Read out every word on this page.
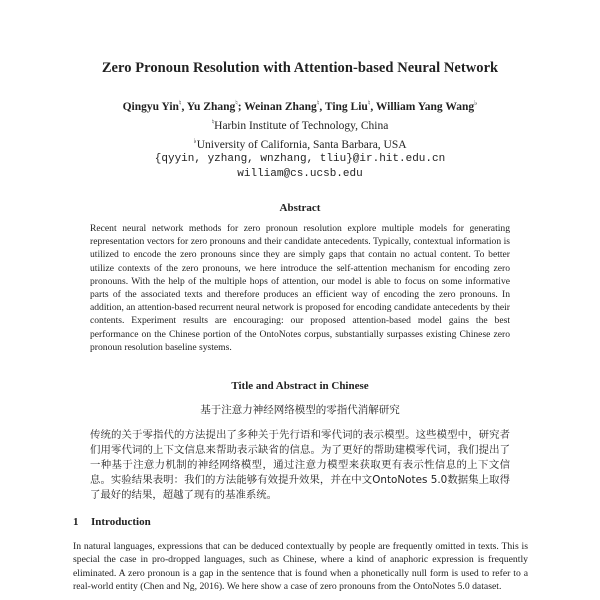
Zero Pronoun Resolution with Attention-based Neural Network
Qingyu Yin♮, Yu Zhang♮; Weinan Zhang♮, Ting Liu♮, William Yang Wang♭
♮Harbin Institute of Technology, China
♭University of California, Santa Barbara, USA
{qyyin, yzhang, wnzhang, tliu}@ir.hit.edu.cn
william@cs.ucsb.edu
Abstract
Recent neural network methods for zero pronoun resolution explore multiple models for generating representation vectors for zero pronouns and their candidate antecedents. Typically, contextual information is utilized to encode the zero pronouns since they are simply gaps that contain no actual content. To better utilize contexts of the zero pronouns, we here introduce the self-attention mechanism for encoding zero pronouns. With the help of the multiple hops of attention, our model is able to focus on some informative parts of the associated texts and therefore produces an efficient way of encoding the zero pronouns. In addition, an attention-based recurrent neural network is proposed for encoding candidate antecedents by their contents. Experiment results are encouraging: our proposed attention-based model gains the best performance on the Chinese portion of the OntoNotes corpus, substantially surpasses existing Chinese zero pronoun resolution baseline systems.
Title and Abstract in Chinese
基于注意力神经网络模型的零指代消解研究
传统的关于零指代的方法提出了多种关于先行语和零代词的表示模型。这些模型中，研究者们用零代词的上下文信息来帮助表示缺省的信息。为了更好的帮助建模零代词，我们提出了一种基于注意力机制的神经网络模型，通过注意力模型来获取更有表示性信息的上下文信息。实验结果表明：我们的方法能够有效提升效果，并在中文OntoNotes 5.0数据集上取得了最好的结果，超越了现有的基准系统。
1 Introduction
In natural languages, expressions that can be deduced contextually by people are frequently omitted in texts. This is special the case in pro-dropped languages, such as Chinese, where a kind of anaphoric expression is frequently eliminated. A zero pronoun is a gap in the sentence that is found when a phonetically null form is used to refer to a real-world entity (Chen and Ng, 2016). We here show a case of zero pronouns from the OntoNotes 5.0 dataset.
